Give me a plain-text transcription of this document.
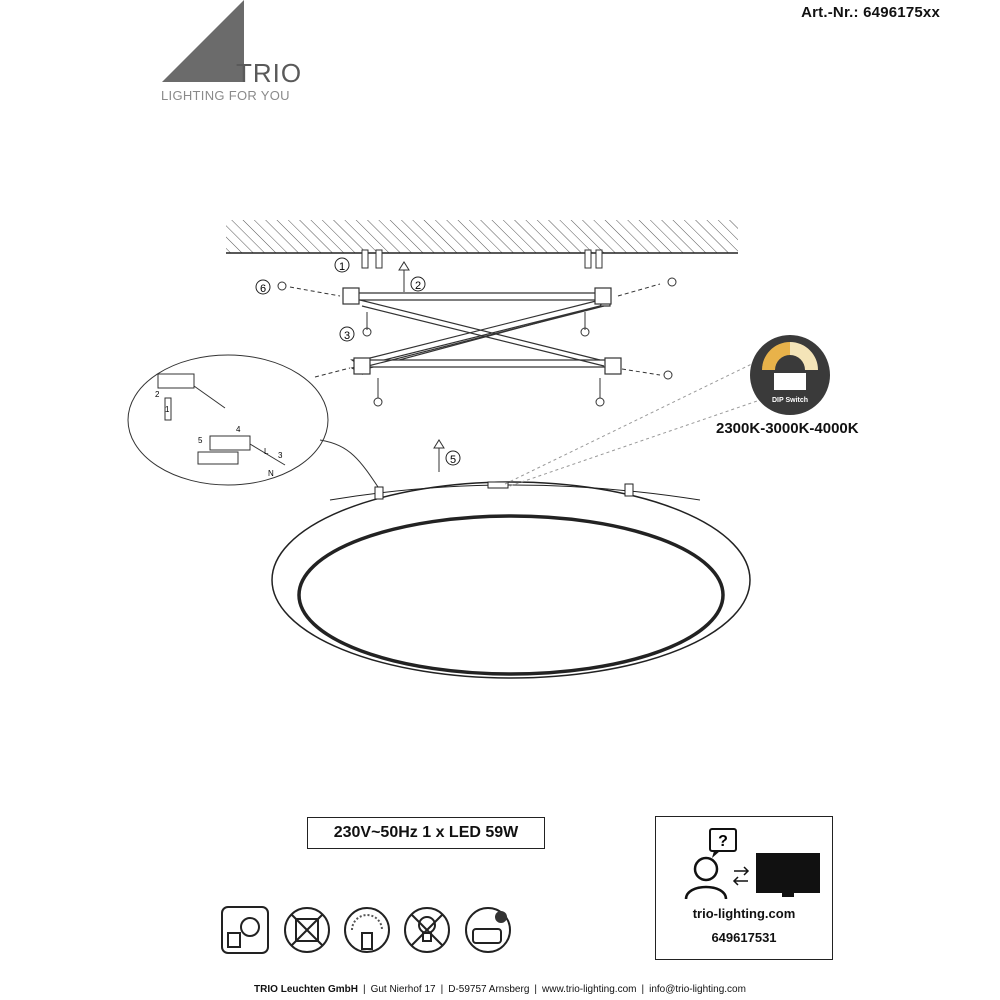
Art.-Nr.: 6496175xx
TRIO
LIGHTING FOR YOU
1
2
3
5
6
2
1
4
5
L
N
3
DIP Switch
2300K-3000K-4000K
230V~50Hz 1 x LED 59W
?
trio-lighting.com
649617531
TRIO Leuchten GmbH | Gut Nierhof 17 | D-59757 Arnsberg | www.trio-lighting.com | info@trio-lighting.com
